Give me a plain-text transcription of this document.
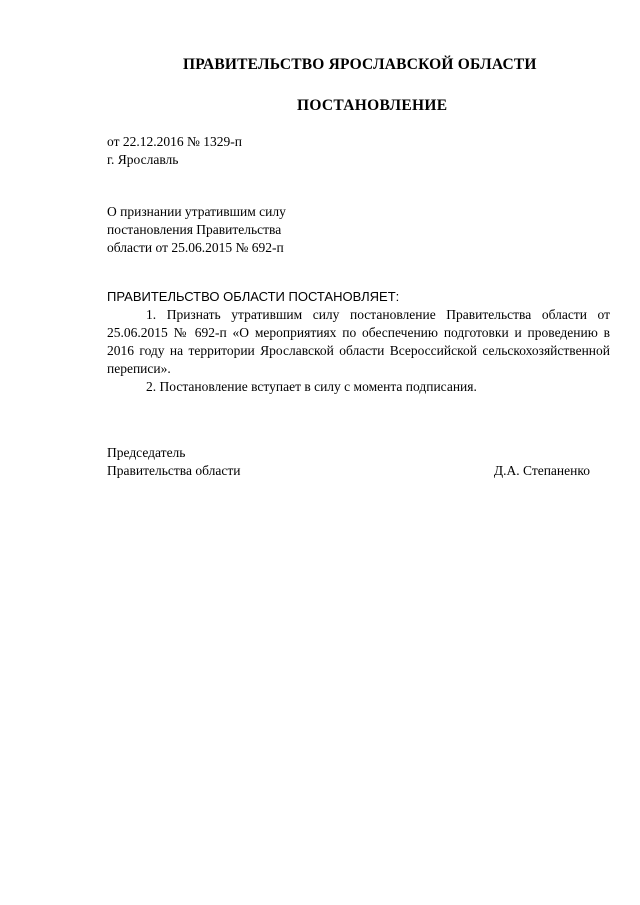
ПРАВИТЕЛЬСТВО ЯРОСЛАВСКОЙ ОБЛАСТИ
ПОСТАНОВЛЕНИЕ
от 22.12.2016 № 1329-п
г. Ярославль
О признании утратившим силу
постановления Правительства
области от 25.06.2015 № 692-п
ПРАВИТЕЛЬСТВО ОБЛАСТИ ПОСТАНОВЛЯЕТ:

1. Признать утратившим силу постановление Правительства области от 25.06.2015 № 692-п «О мероприятиях по обеспечению подготовки и проведению в 2016 году на территории Ярославской области Всероссийской сельскохозяйственной переписи».

2. Постановление вступает в силу с момента подписания.

Председатель
Правительства области	Д.А. Степаненко
